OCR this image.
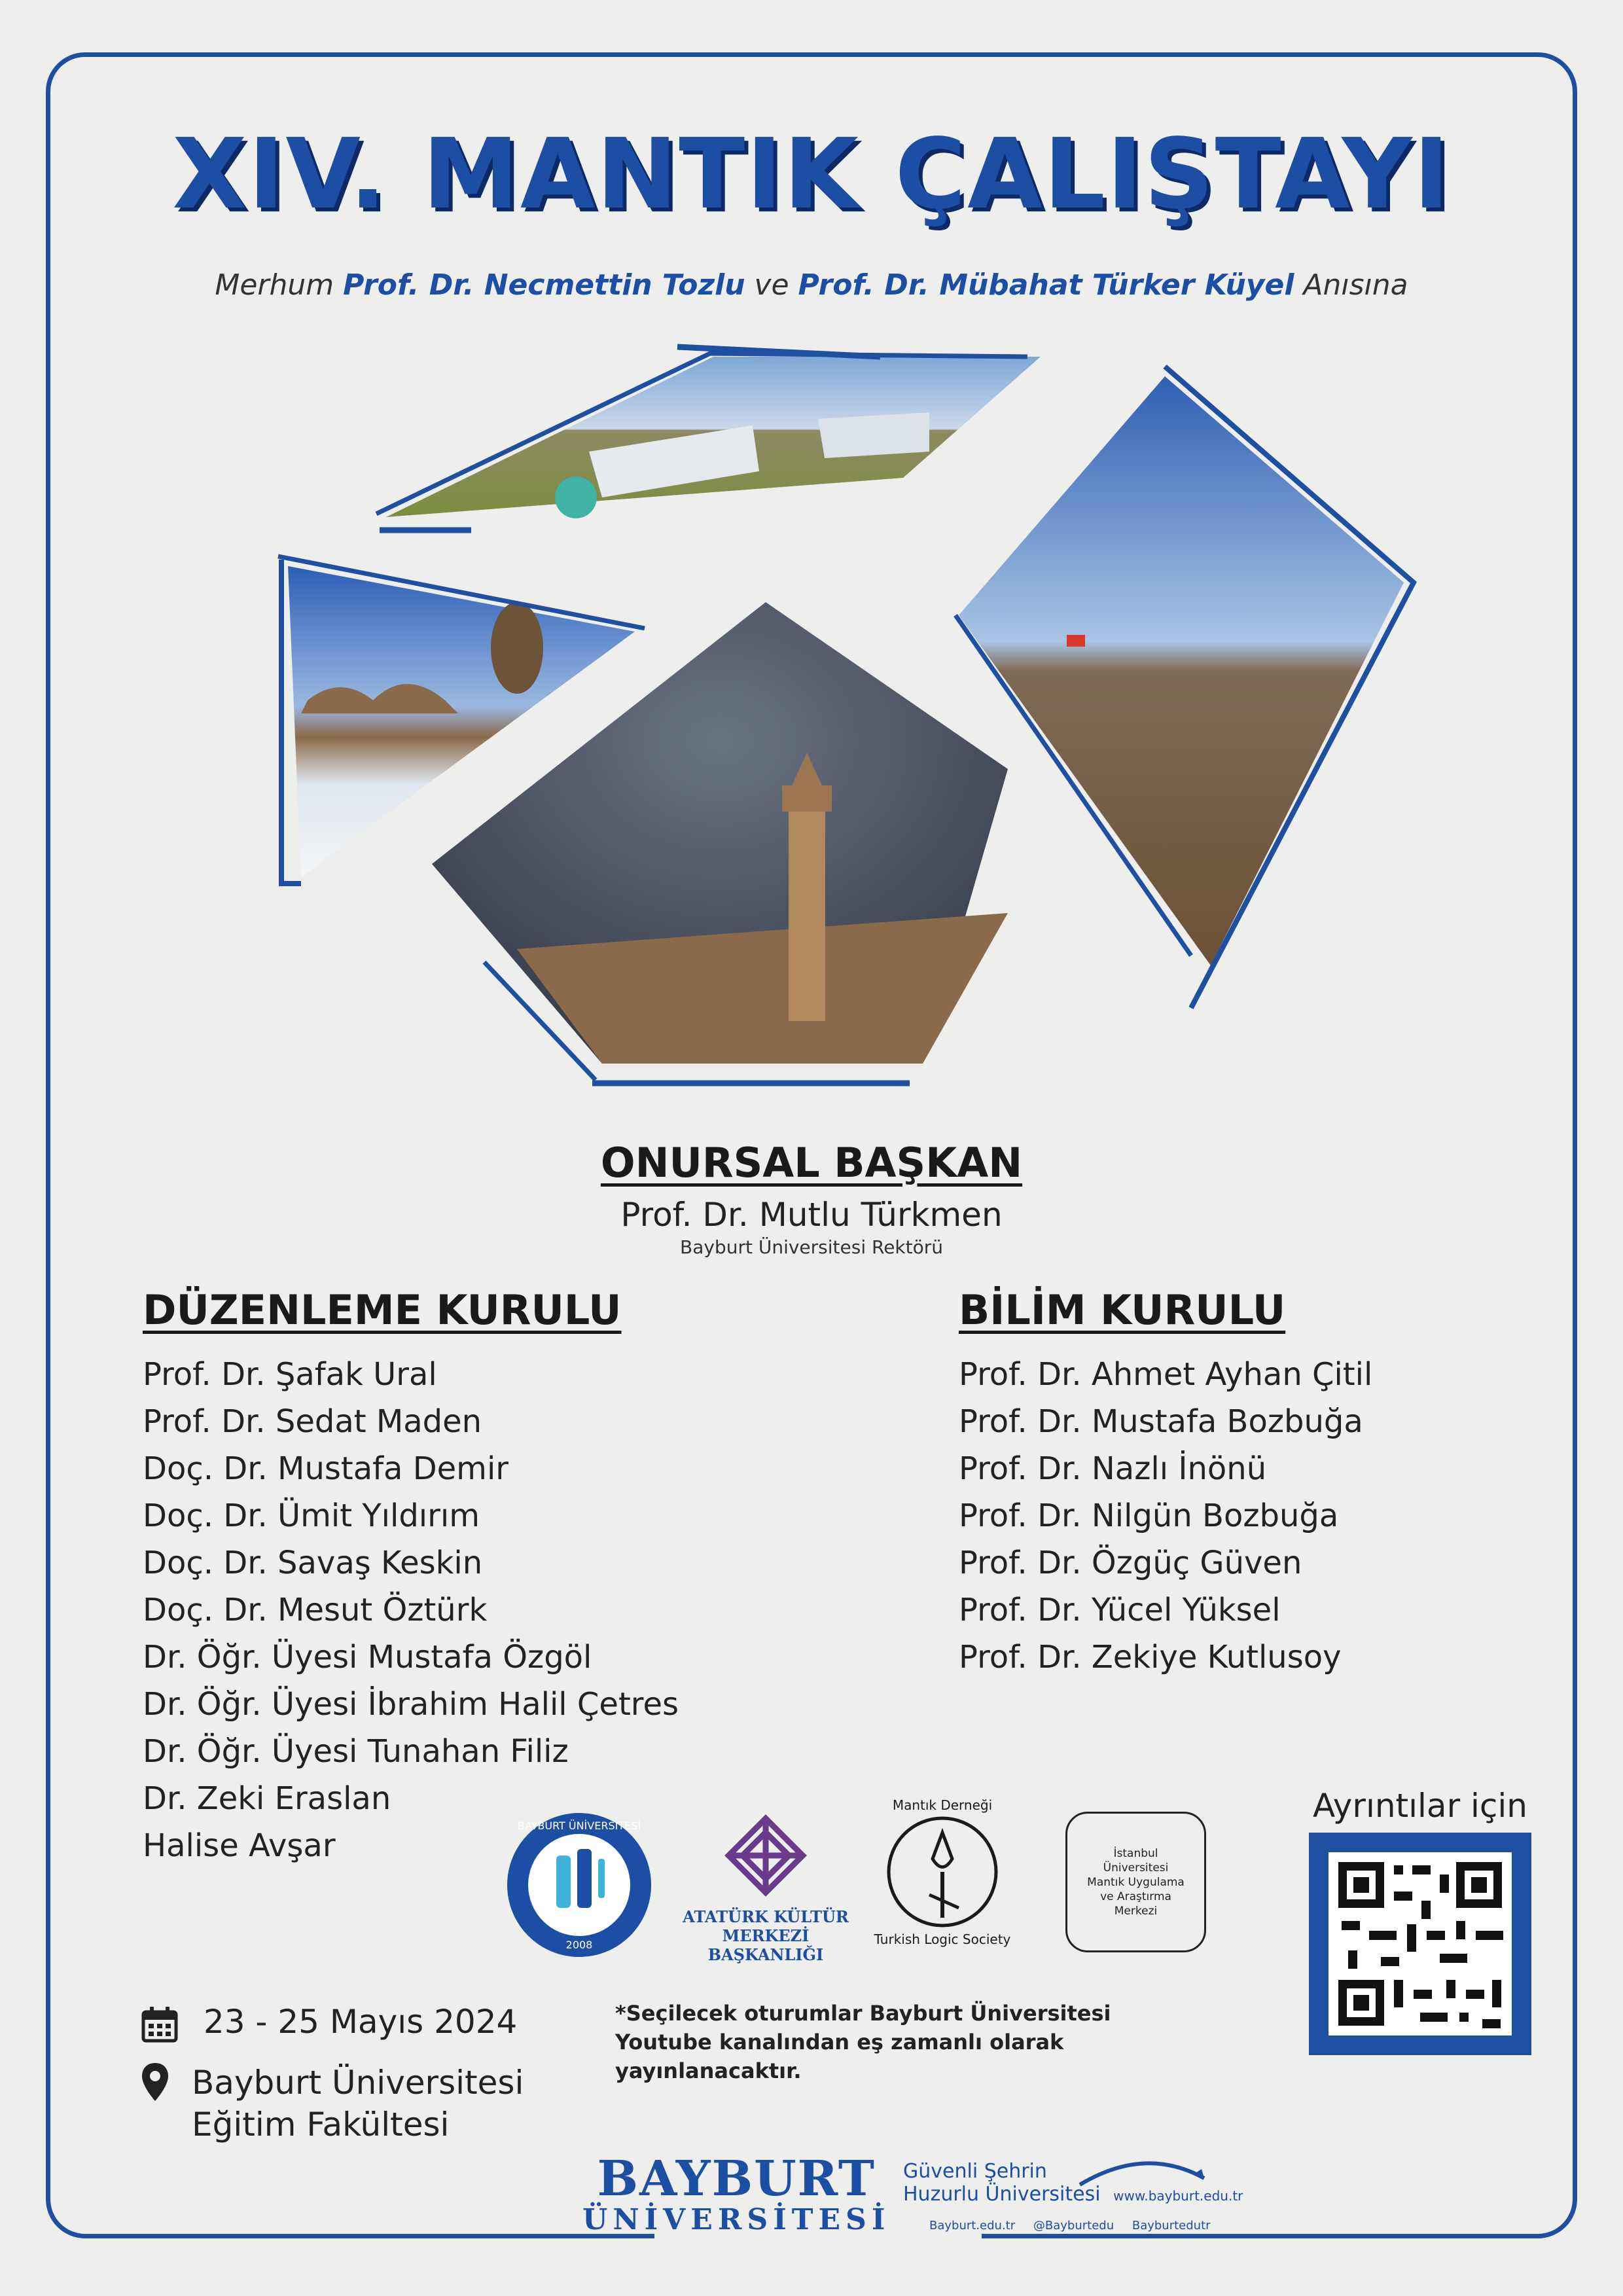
XIV. MANTIK ÇALIŞTAYI
Merhum Prof. Dr. Necmettin Tozlu ve Prof. Dr. Mübahat Türker Küyel Anısına
ONURSAL BAŞKAN
Prof. Dr. Mutlu Türkmen
Bayburt Üniversitesi Rektörü
DÜZENLEME KURULU
Prof. Dr. Şafak Ural
Prof. Dr. Sedat Maden
Doç. Dr. Mustafa Demir
Doç. Dr. Ümit Yıldırım
Doç. Dr. Savaş Keskin
Doç. Dr. Mesut Öztürk
Dr. Öğr. Üyesi Mustafa Özgöl
Dr. Öğr. Üyesi İbrahim Halil Çetres
Dr. Öğr. Üyesi Tunahan Filiz
Dr. Zeki Eraslan
Halise Avşar
BİLİM KURULU
Prof. Dr. Ahmet Ayhan Çitil
Prof. Dr. Mustafa Bozbuğa
Prof. Dr. Nazlı İnönü
Prof. Dr. Nilgün Bozbuğa
Prof. Dr. Özgüç Güven
Prof. Dr. Yücel Yüksel
Prof. Dr. Zekiye Kutlusoy
BAYBURT ÜNİVERSİTESİ
2008
ATATÜRK KÜLTÜR MERKEZİ
BAŞKANLIĞI
Mantık Derneği
Turkish Logic Society
İstanbul
Üniversitesi
Mantık Uygulama
ve Araştırma
Merkezi
Ayrıntılar için
23 - 25 Mayıs 2024
Bayburt Üniversitesi
Eğitim Fakültesi
*Seçilecek oturumlar Bayburt Üniversitesi Youtube kanalından eş zamanlı olarak yayınlanacaktır.
BAYBURT
ÜNİVERSİTESİ
Güvenli Şehrin
Huzurlu Üniversitesi www.bayburt.edu.tr
Bayburt.edu.tr @Bayburtedu Bayburtedutr
